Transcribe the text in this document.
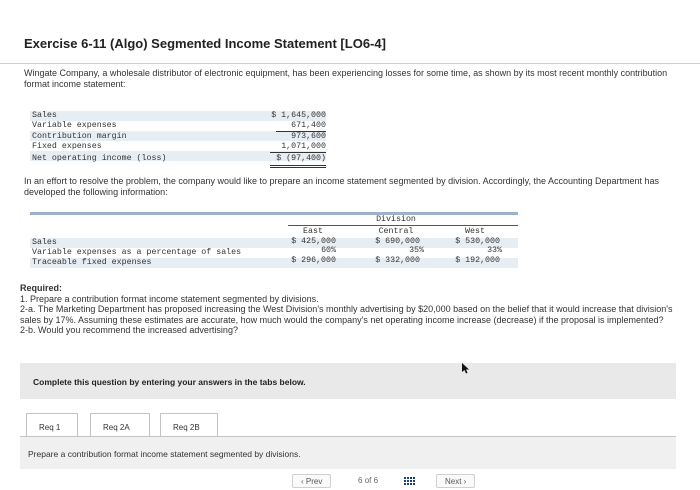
Exercise 6-11 (Algo) Segmented Income Statement [LO6-4]
Wingate Company, a wholesale distributor of electronic equipment, has been experiencing losses for some time, as shown by its most recent monthly contribution format income statement:
Sales	$ 1,645,000
Variable expenses	671,400
Contribution margin	973,600
Fixed expenses	1,071,000
Net operating income (loss)	$ (97,400)
In an effort to resolve the problem, the company would like to prepare an income statement segmented by division. Accordingly, the Accounting Department has developed the following information:
Division
East	Central	West
Sales	$ 425,000	$ 690,000	$ 530,000
Variable expenses as a percentage of sales	60%	35%	33%
Traceable fixed expenses	$ 296,000	$ 332,000	$ 192,000
Required:
1. Prepare a contribution format income statement segmented by divisions.
2-a. The Marketing Department has proposed increasing the West Division's monthly advertising by $20,000 based on the belief that it would increase that division's sales by 17%. Assuming these estimates are accurate, how much would the company's net operating income increase (decrease) if the proposal is implemented?
2-b. Would you recommend the increased advertising?
Complete this question by entering your answers in the tabs below.
Req 1	Req 2A	Req 2B
Prepare a contribution format income statement segmented by divisions.
‹ Prev	6 of 6	Next ›
